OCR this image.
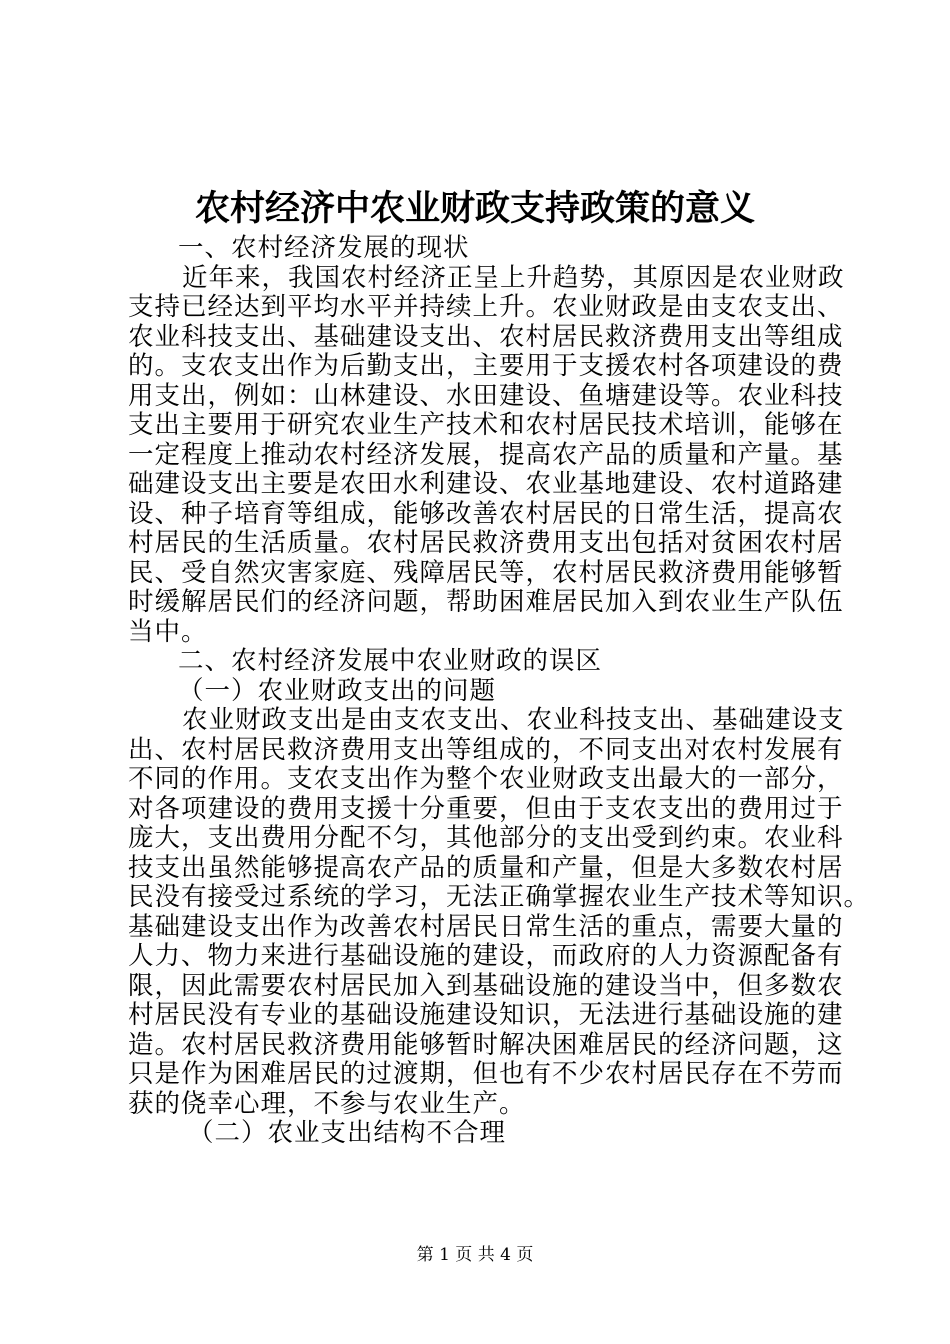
农村经济中农业财政支持政策的意义
一、农村经济发展的现状
近年来，我国农村经济正呈上升趋势，其原因是农业财政
支持已经达到平均水平并持续上升。农业财政是由支农支出、
农业科技支出、基础建设支出、农村居民救济费用支出等组成
的。支农支出作为后勤支出，主要用于支援农村各项建设的费
用支出，例如：山林建设、水田建设、鱼塘建设等。农业科技
支出主要用于研究农业生产技术和农村居民技术培训，能够在
一定程度上推动农村经济发展，提高农产品的质量和产量。基
础建设支出主要是农田水利建设、农业基地建设、农村道路建
设、种子培育等组成，能够改善农村居民的日常生活，提高农
村居民的生活质量。农村居民救济费用支出包括对贫困农村居
民、受自然灾害家庭、残障居民等，农村居民救济费用能够暂
时缓解居民们的经济问题，帮助困难居民加入到农业生产队伍
当中。
二、农村经济发展中农业财政的误区
（一）农业财政支出的问题
农业财政支出是由支农支出、农业科技支出、基础建设支
出、农村居民救济费用支出等组成的，不同支出对农村发展有
不同的作用。支农支出作为整个农业财政支出最大的一部分，
对各项建设的费用支援十分重要，但由于支农支出的费用过于
庞大，支出费用分配不匀，其他部分的支出受到约束。农业科
技支出虽然能够提高农产品的质量和产量，但是大多数农村居
民没有接受过系统的学习，无法正确掌握农业生产技术等知识。
基础建设支出作为改善农村居民日常生活的重点，需要大量的
人力、物力来进行基础设施的建设，而政府的人力资源配备有
限，因此需要农村居民加入到基础设施的建设当中，但多数农
村居民没有专业的基础设施建设知识，无法进行基础设施的建
造。农村居民救济费用能够暂时解决困难居民的经济问题，这
只是作为困难居民的过渡期，但也有不少农村居民存在不劳而
获的侥幸心理，不参与农业生产。
（二）农业支出结构不合理
第 1 页 共 4 页
